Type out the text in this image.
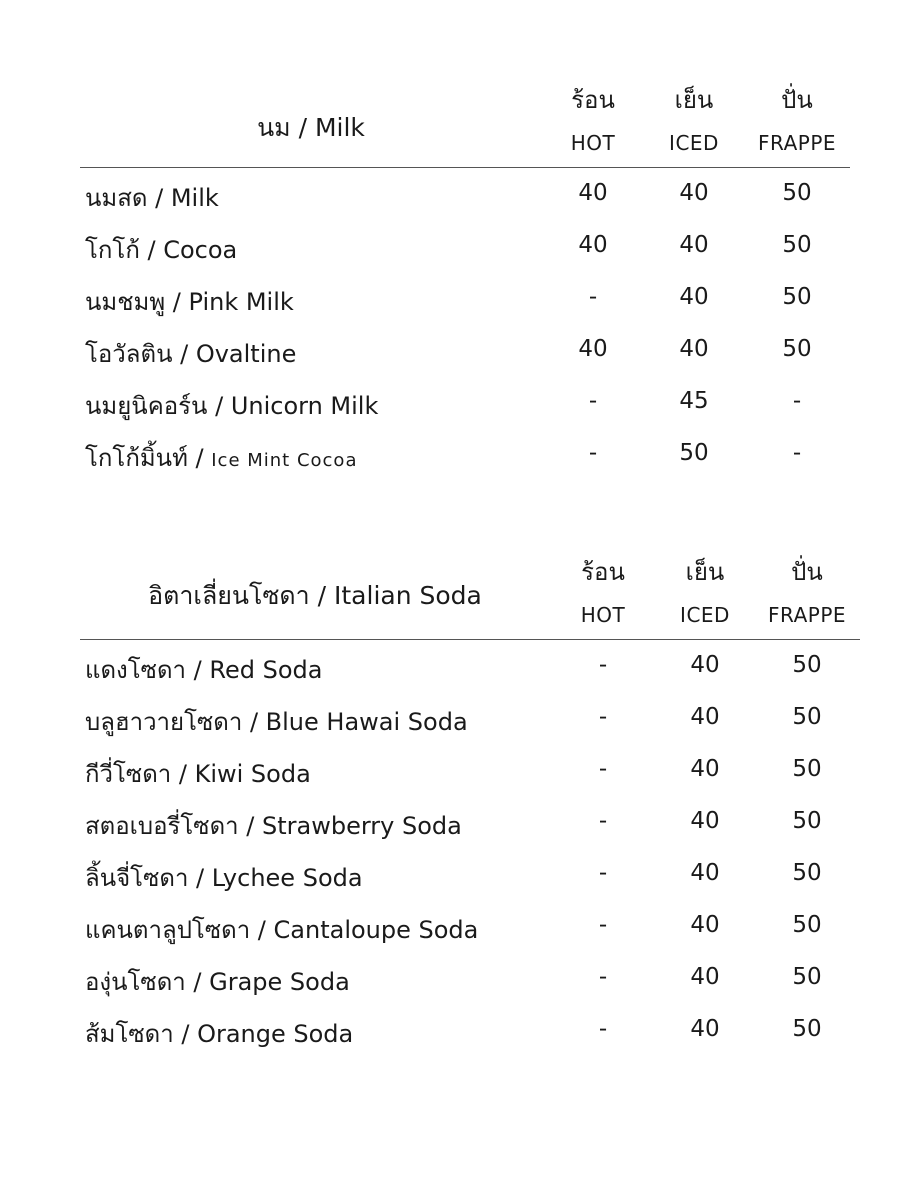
นม / Milk
ร้อน เย็น	ปั่น
HOT	ICED FRAPPE
นมสด / Milk	40	40	50
โกโก้ / Cocoa	40	40	50
นมชมพู / Pink Milk	-	40	50
โอวัลติน / Ovaltine	40	40	50
นมยูนิคอร์น / Unicorn Milk	-	45	-
โกโก้มิ้นท์ / Ice Mint Cocoa	-	50	-
อิตาเลี่ยนโซดา / Italian Soda
ร้อน	เย็น	ปั่น
HOT	ICED FRAPPE
แดงโซดา / Red Soda	-	40	50
บลูฮาวายโซดา / Blue Hawai Soda	-	40	50
กีวี่โซดา / Kiwi Soda	-	40	50
สตอเบอรี่โซดา / Strawberry Soda	-	40	50
ลิ้นจี่โซดา / Lychee Soda	-	40	50
แคนตาลูปโซดา / Cantaloupe Soda	-	40	50
องุ่นโซดา / Grape Soda	-	40	50
ส้มโซดา / Orange Soda	-	40	50
